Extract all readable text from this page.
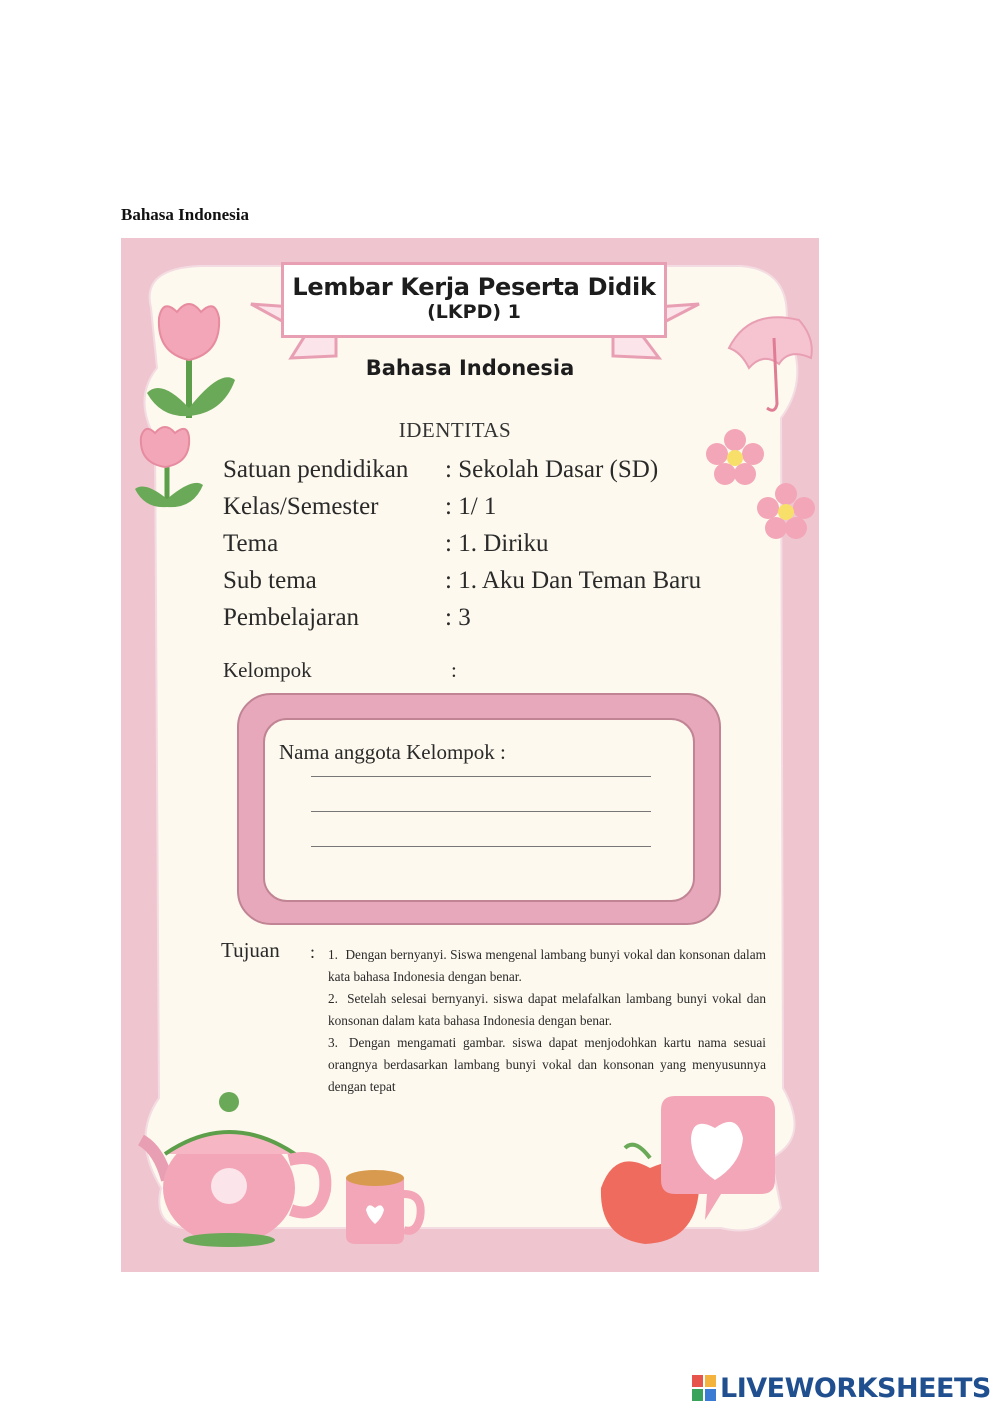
Bahasa Indonesia
Lembar Kerja Peserta Didik
(LKPD) 1
Bahasa Indonesia
IDENTITAS
Satuan pendidikan : Sekolah Dasar (SD)
Kelas/Semester	: 1/ 1
Tema	: 1. Diriku
Sub tema	: 1. Aku Dan Teman Baru
Pembelajaran	: 3
Kelompok	:
Nama anggota Kelompok :
Tujuan : 1. Dengan bernyanyi. Siswa mengenal lambang bunyi vokal dan konsonan dalam kata bahasa Indonesia dengan benar.
2. Setelah selesai bernyanyi. siswa dapat melafalkan lambang bunyi vokal dan konsonan dalam kata bahasa Indonesia dengan benar.
3. Dengan mengamati gambar. siswa dapat menjodohkan kartu nama sesuai orangnya berdasarkan lambang bunyi vokal dan konsonan yang menyusunnya dengan tepat
LIVEWORKSHEETS
